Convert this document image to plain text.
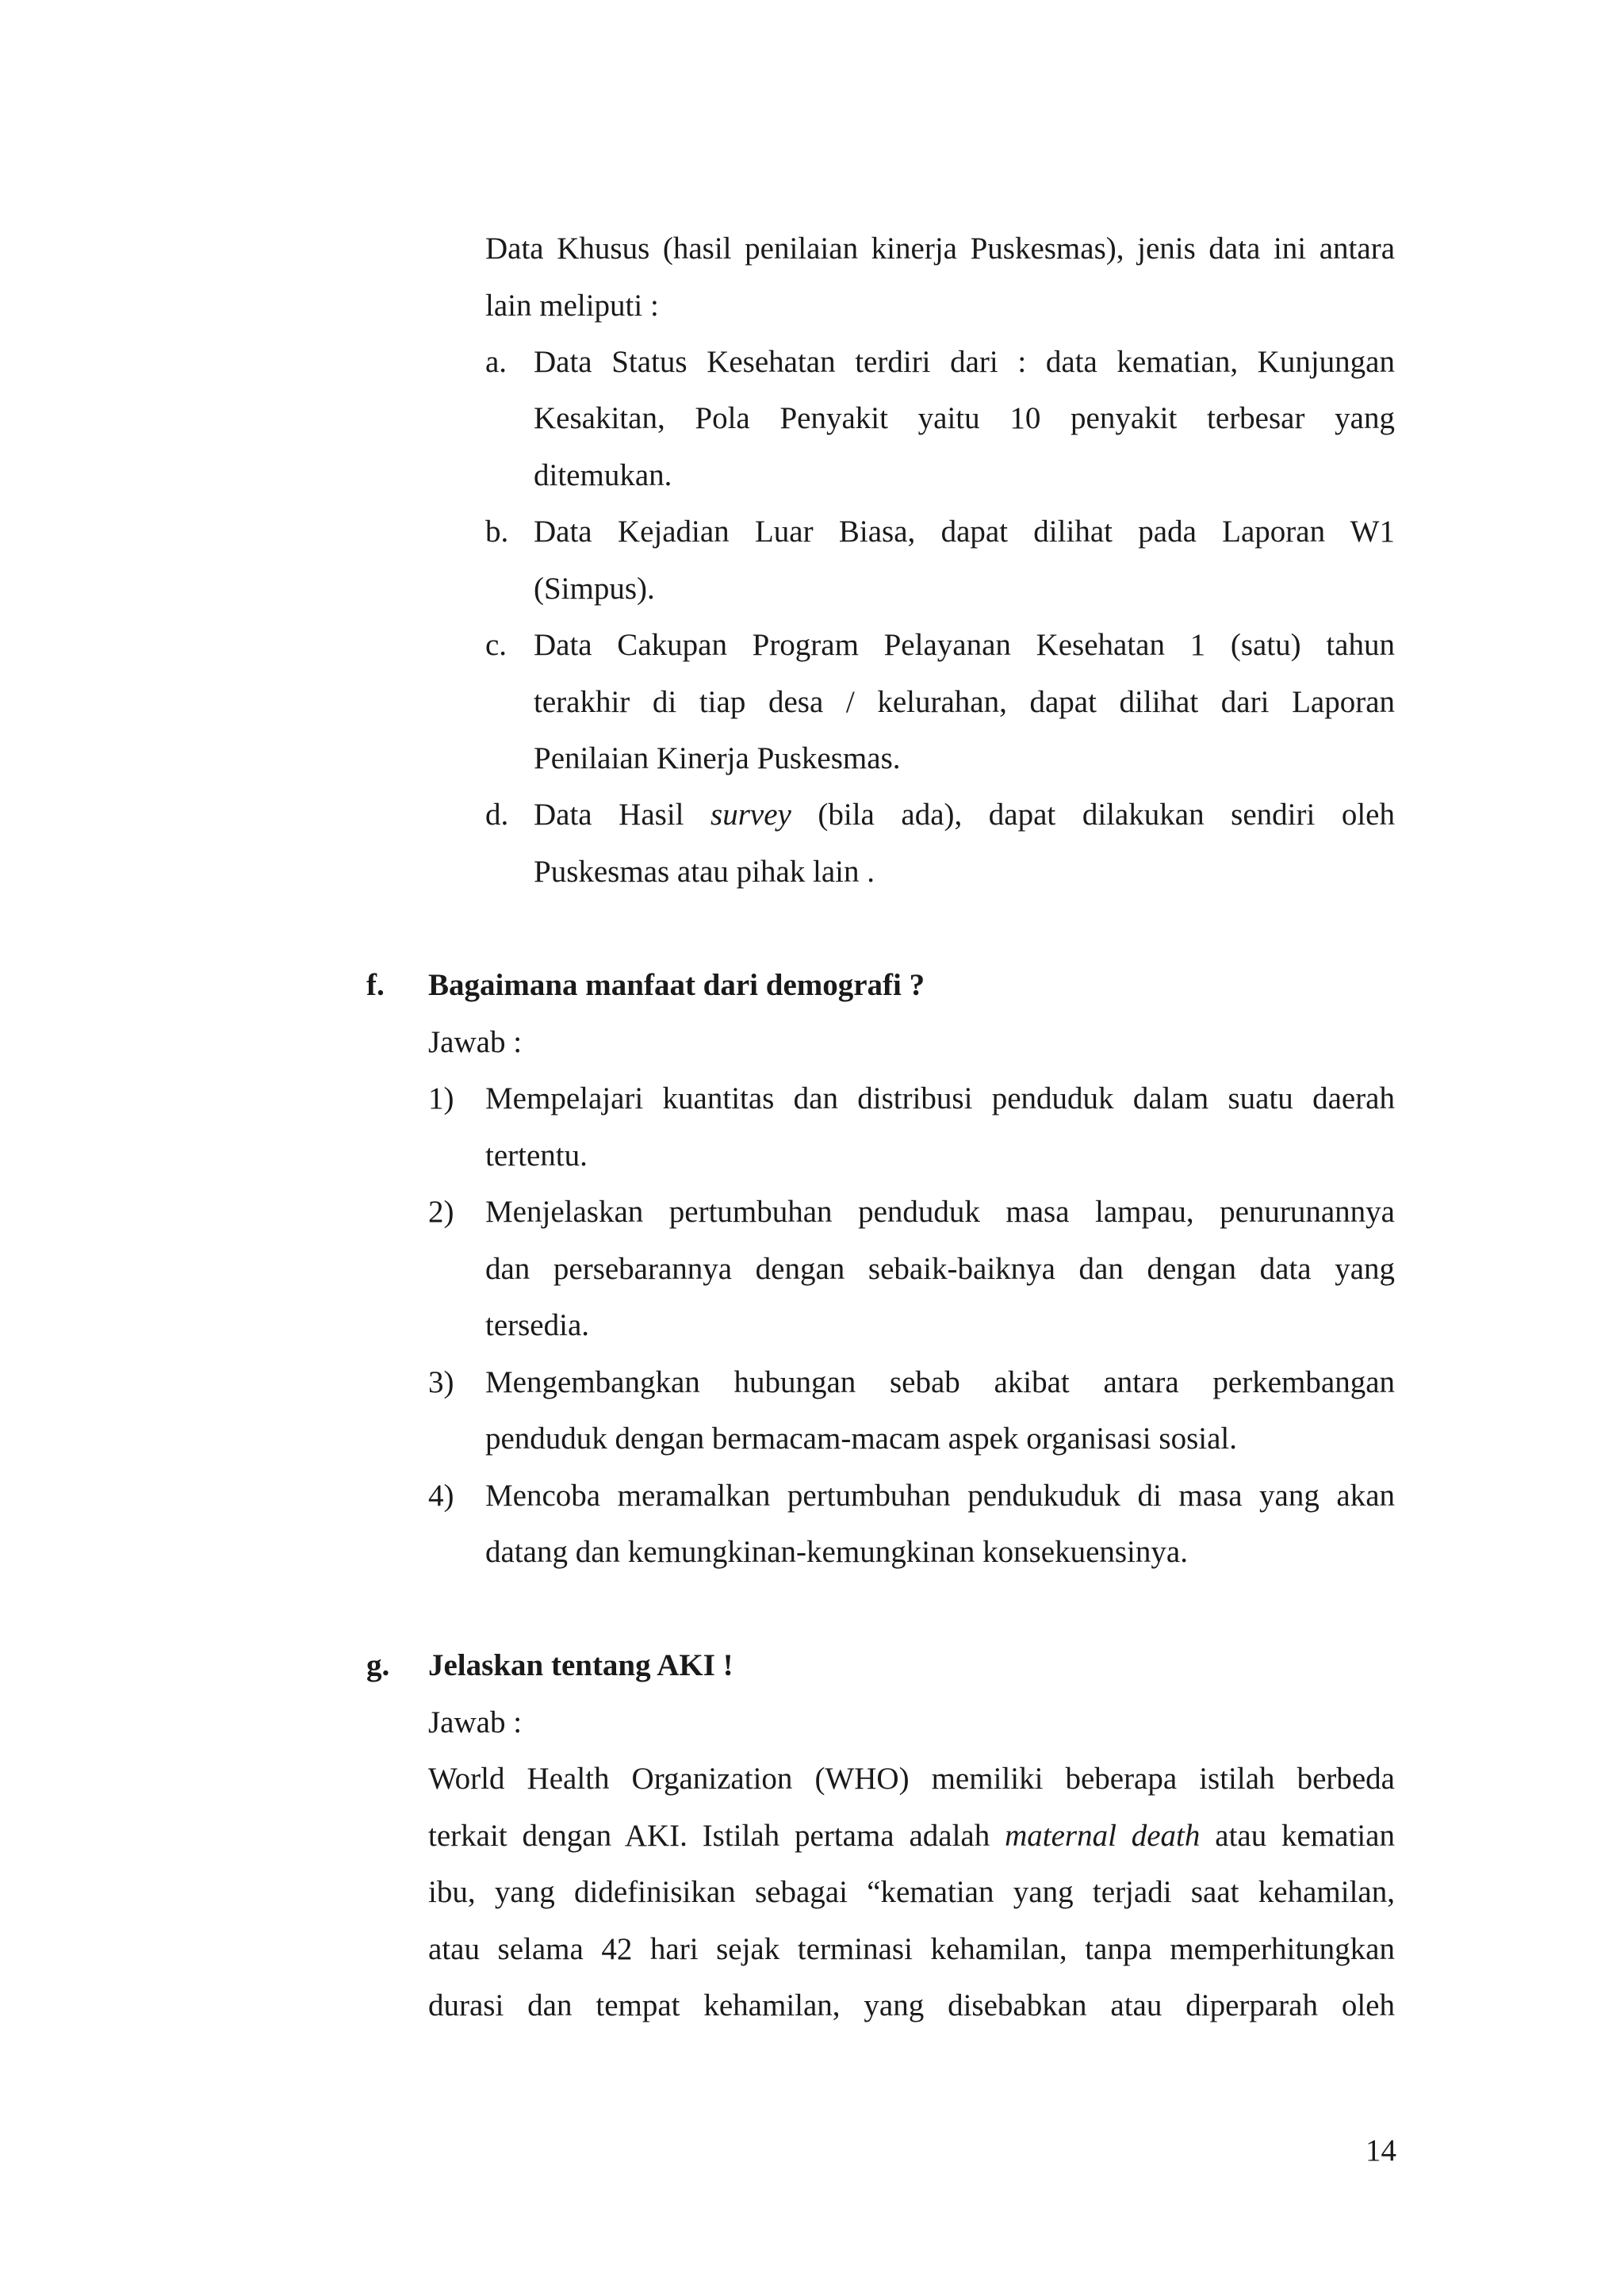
Data Khusus (hasil penilaian kinerja Puskesmas), jenis data ini antara

lain meliputi :

a. Data Status Kesehatan terdiri dari : data kematian, Kunjungan

Kesakitan, Pola Penyakit yaitu 10 penyakit terbesar yang

ditemukan.

b. Data Kejadian Luar Biasa, dapat dilihat pada Laporan W1

(Simpus).

c. Data Cakupan Program Pelayanan Kesehatan 1 (satu) tahun

terakhir di tiap desa / kelurahan, dapat dilihat dari Laporan

Penilaian Kinerja Puskesmas.

d. Data Hasil survey (bila ada), dapat dilakukan sendiri oleh

Puskesmas atau pihak lain .

f. Bagaimana manfaat dari demografi ?

Jawab :

1) Mempelajari kuantitas dan distribusi penduduk dalam suatu daerah

tertentu.

2) Menjelaskan pertumbuhan penduduk masa lampau, penurunannya

dan persebarannya dengan sebaik-baiknya dan dengan data yang

tersedia.

3) Mengembangkan hubungan sebab akibat antara perkembangan

penduduk dengan bermacam-macam aspek organisasi sosial.

4) Mencoba meramalkan pertumbuhan pendukuduk di masa yang akan

datang dan kemungkinan-kemungkinan konsekuensinya.

g. Jelaskan tentang AKI !

Jawab :

World Health Organization (WHO) memiliki beberapa istilah berbeda

terkait dengan AKI. Istilah pertama adalah maternal death atau kematian

ibu, yang didefinisikan sebagai “kematian yang terjadi saat kehamilan,

atau selama 42 hari sejak terminasi kehamilan, tanpa memperhitungkan

durasi dan tempat kehamilan, yang disebabkan atau diperparah oleh

14
